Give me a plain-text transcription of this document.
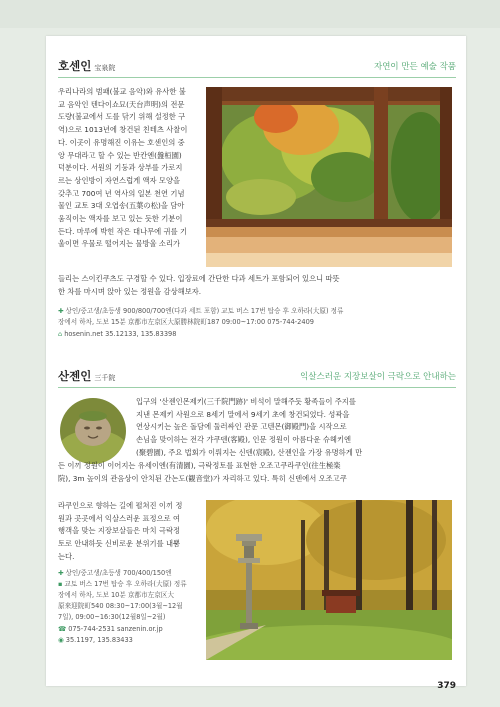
호센인 宝泉院	자연이 만든 예술 작품
우리나라의 범패(불교 음악)와 유사한 불
교 음악인 텐다이쇼묘(天台声明)의 전문
도량(불교에서 도를 닦기 위해 설정한 구
역)으로 1013년에 창건된 친테츠 사찰이
다. 이곳이 유명해진 이유는 호센인의 중
앙 무대라고 할 수 있는 반칸엔(盤桓園)
덕분이다. 서원의 기둥과 상부를 가로지
르는 상인방이 자연스럽게 액자 모양을
갖추고 700여 년 역사의 일본 천연 기념
물인 교토 3대 오엽송(五葉の松)을 담아
움직이는 액자를 보고 있는 듯한 기분이
든다. 마루에 박힌 작은 대나무에 귀를 기
울이면 우물로 떨어지는 물방울 소리가
들리는 스이킨쿠츠도 구경할 수 있다. 입장료에 간단한 다과 세트가 포함되어 있으니 따뜻
한 차를 마시며 앉아 있는 정원을 감상해보자.
✚ 상인/중고생/초등생 900/800/700엔(다과 세트 포함) 교토 버스 17번 탑승 후 오하라(大原) 정류
장에서 하차, 도보 15분 京都市左京区大原勝林院町187 09:00~17:00 075-744-2409
⌂ hosenin.net 35.12133, 135.83398
산젠인 三千院	익살스러운 지장보살이 극락으로 안내하는
입구의 '산젠인몬제키(三千院門跡)' 비석이 말해주듯 황족들이 주지를
지낸 몬제키 사원으로 8세기 말에서 9세기 초에 창건되었다. 성곽을
연상시키는 높은 돌담에 둘러싸인 관문 고텐몬(御殿門)을 시작으로
손님을 맞이하는 전각 갸쿠덴(客殿), 인문 정원이 아름다운 슈헤키엔
(聚碧園), 주요 법회가 이뤄지는 신덴(宸殿), 산젠인을 가장 유명하게 만
든 이끼 정원이 이어지는 유세이엔(有清園), 극락정토를 표현한 오조고쿠라쿠인(往生極楽
院), 3m 높이의 관음상이 안치된 간논도(観音堂)가 자리하고 있다. 특히 신덴에서 오조고쿠
라쿠인으로 향하는 길에 펼쳐진 이끼 정
원과 곳곳에서 익살스러운 표정으로 여
행객을 맞는 지장보살들은 마치 극락정
토로 안내하듯 신비로운 분위기를 내뿜
는다.
✚ 상인/중고생/초등생 700/400/150엔
▪ 교토 버스 17번 탑승 후 오하라(大原) 정류
장에서 하차, 도보 10분 京都市左京区大
原来迎院町540 08:30~17:00(3월~12월
7일), 09:00~16:30(12월8일~2월)
☎ 075-744-2531 sanzenin.or.jp
◉ 35.1197, 135.83433
379
